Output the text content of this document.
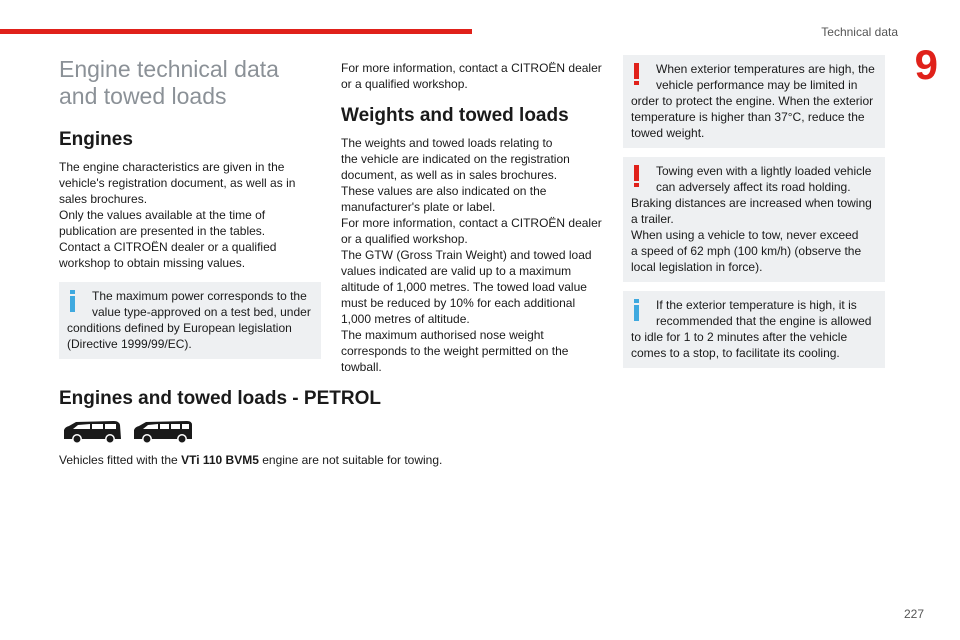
Technical data
9
Engine technical data and towed loads
Engines

The engine characteristics are given in the
vehicle's registration document, as well as in
sales brochures.
Only the values available at the time of
publication are presented in the tables.
Contact a CITROËN dealer or a qualified
workshop to obtain missing values.

The maximum power corresponds to the
value type-approved on a test bed, under
conditions defined by European legislation
(Directive 1999/99/EC).

For more information, contact a CITROËN dealer
or a qualified workshop.

Weights and towed loads

The weights and towed loads relating to
the vehicle are indicated on the registration
document, as well as in sales brochures.
These values are also indicated on the
manufacturer's plate or label.
For more information, contact a CITROËN dealer
or a qualified workshop.
The GTW (Gross Train Weight) and towed load
values indicated are valid up to a maximum
altitude of 1,000 metres. The towed load value
must be reduced by 10% for each additional
1,000 metres of altitude.
The maximum authorised nose weight
corresponds to the weight permitted on the
towball.

When exterior temperatures are high, the
vehicle performance may be limited in
order to protect the engine. When the exterior
temperature is higher than 37°C, reduce the
towed weight.

Towing even with a lightly loaded vehicle
can adversely affect its road holding.
Braking distances are increased when towing
a trailer.
When using a vehicle to tow, never exceed
a speed of 62 mph (100 km/h) (observe the
local legislation in force).

If the exterior temperature is high, it is
recommended that the engine is allowed
to idle for 1 to 2 minutes after the vehicle
comes to a stop, to facilitate its cooling.

Engines and towed loads - PETROL

Vehicles fitted with the VTi 110 BVM5 engine are not suitable for towing.

227
